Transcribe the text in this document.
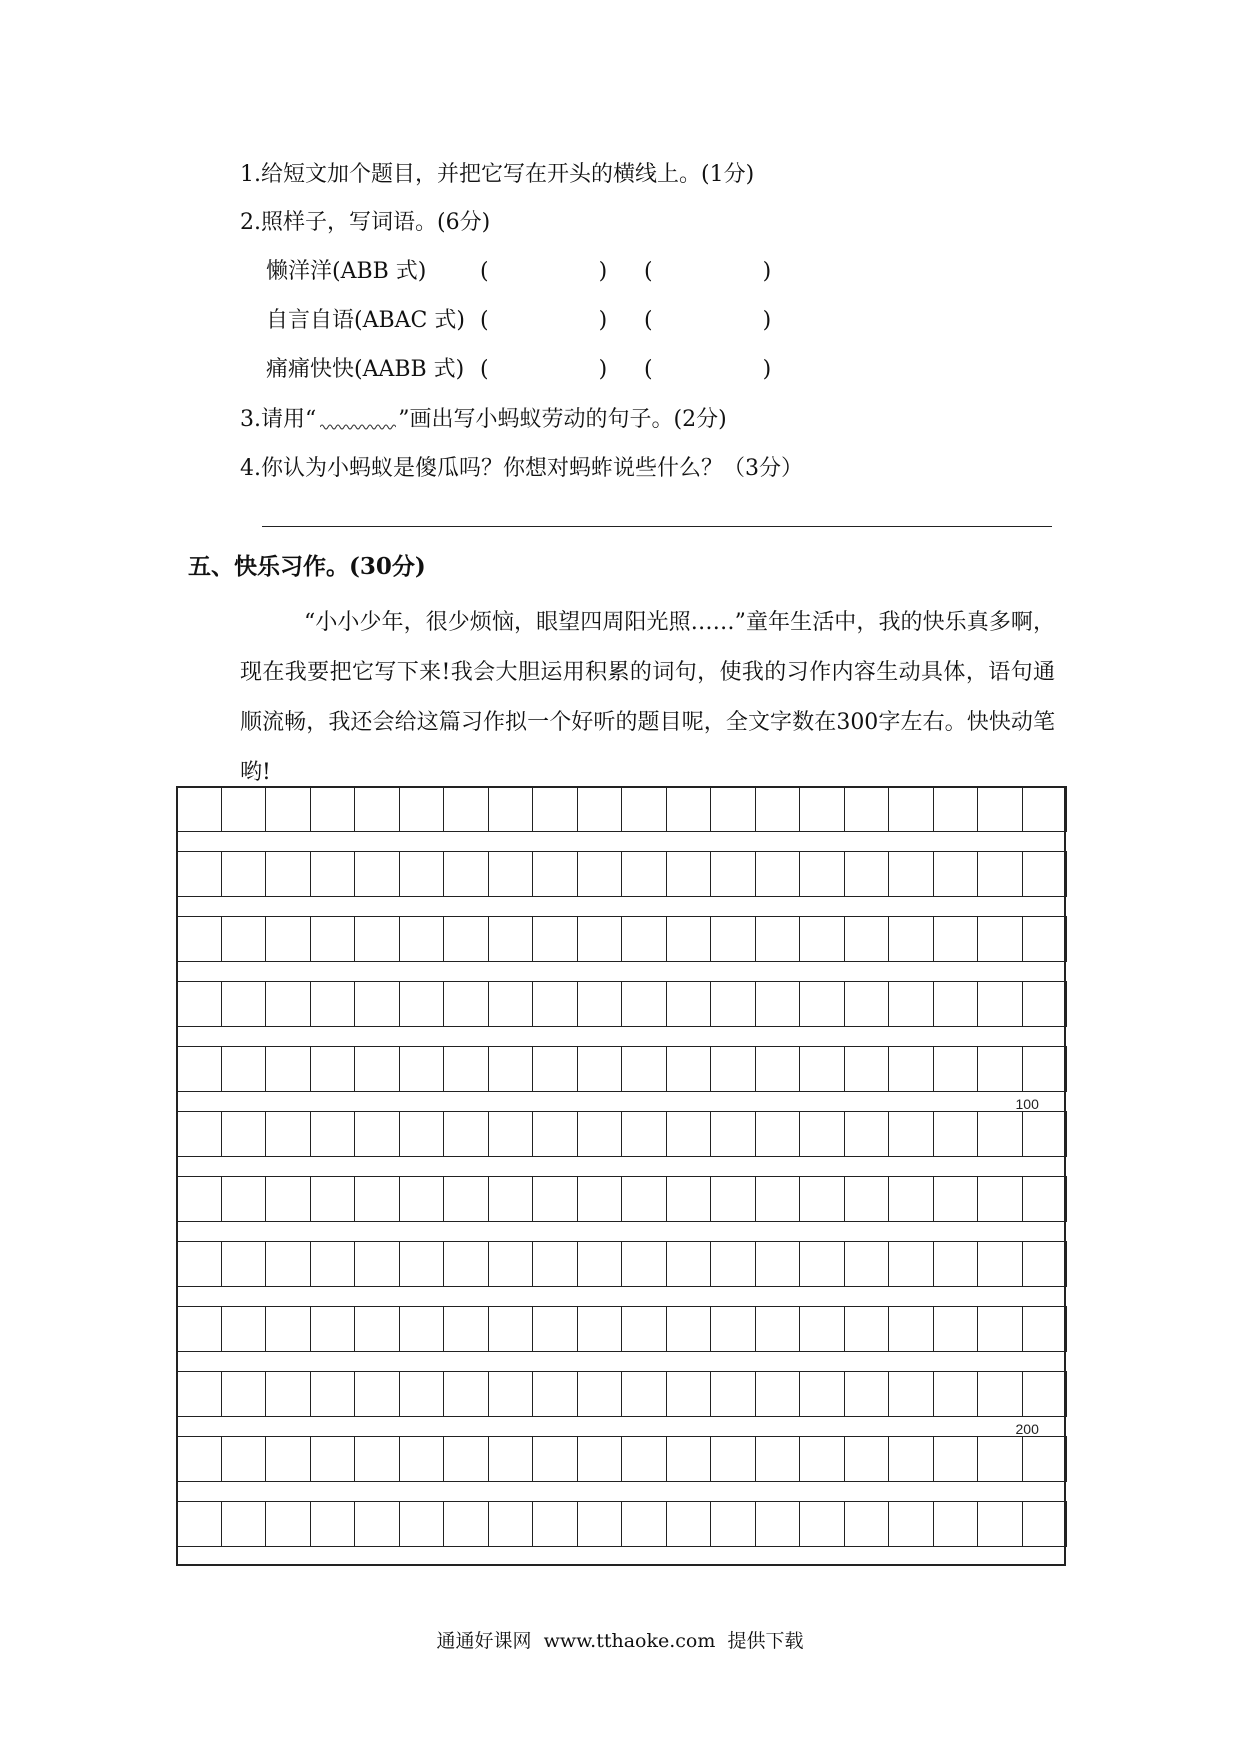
1.给短文加个题目，并把它写在开头的横线上。(1分)
2.照样子，写词语。(6分)
懒洋洋(ABB 式) (　　　　　) (　　　　　)
自言自语(ABAC 式) (　　　　　) (　　　　　)
痛痛快快(AABB 式) (　　　　　) (　　　　　)
3.请用“	”画出写小蚂蚁劳动的句子。(2分)
4.你认为小蚂蚁是傻瓜吗？你想对蚂蚱说些什么？（3分）
五、快乐习作。(30分)

“小小少年，很少烦恼，眼望四周阳光照……”童年生活中，我的快乐真多啊，现在我要把它写下来!我会大胆运用积累的词句，使我的习作内容生动具体，语句通顺流畅，我还会给这篇习作拟一个好听的题目呢，全文字数在300字左右。快快动笔哟!

100
200
通通好课网  www.tthaoke.com  提供下载
